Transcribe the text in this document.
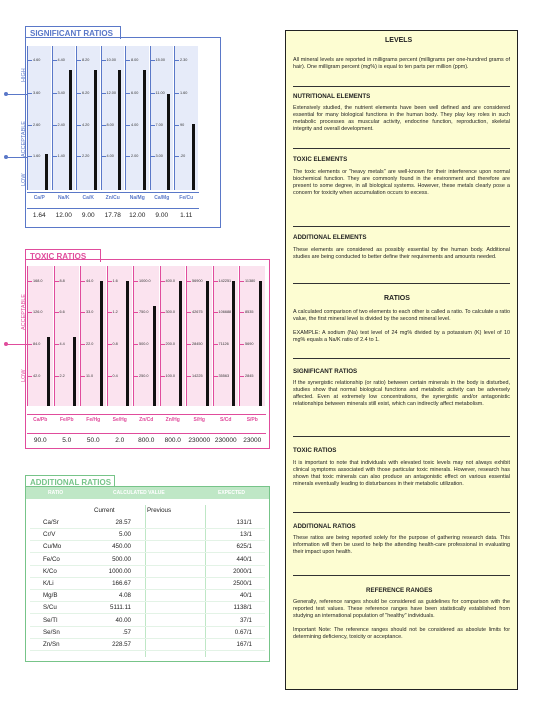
SIGNIFICANT RATIOS
HIGH
ACCEPTABLE
LOW
4.60
3.60
2.60
1.60
Ca/P
1.64
4.40
3.40
2.40
1.40
Na/K
12.00
8.20
6.20
4.20
2.20
Ca/K
9.00
10.00
12.00
8.00
4.00
Zn/Cu
17.78
8.00
6.00
4.00
2.00
Na/Mg
12.00
15.00
11.00
7.00
3.00
Ca/Mg
9.00
2.30
1.60
90
.20
Fe/Cu
1.11
TOXIC RATIOS
ACCEPTABLE
LOW
168.0
126.0
84.0
42.0
Ca/Pb
90.0
8.8
6.6
4.4
2.2
Fe/Pb
5.0
44.0
33.0
22.0
11.0
Fe/Hg
50.0
1.6
1.2
0.8
0.4
Se/Hg
2.0
1000.0
750.0
500.0
250.0
Zn/Cd
800.0
400.0
300.0
200.0
100.0
Zn/Hg
800.0
56900
42675
28450
14225
S/Hg
230000
142251
106688
71126
35563
S/Cd
230000
11380
8535
5690
2845
S/Pb
23000
ADDITIONAL RATIOS
RATIO	CALCULATED VALUE	EXPECTED
Current	Previous
Ca/Sr	28.57	131/1
Cr/V	5.00	13/1
Cu/Mo	450.00	625/1
Fe/Co	500.00	440/1
K/Co	1000.00	2000/1
K/Li	166.67	2500/1
Mg/B	4.08	40/1
S/Cu	5111.11	1138/1
Se/Tl	40.00	37/1
Se/Sn	.57	0.67/1
Zn/Sn	228.57	167/1
LEVELS
All mineral levels are reported in milligrams percent (milligrams per one-hundred grams of hair). One milligram percent (mg%) is equal to ten parts per million (ppm).
NUTRITIONAL ELEMENTS
Extensively studied, the nutrient elements have been well defined and are considered essential for many biological functions in the human body. They play key roles in such metabolic processes as muscular activity, endocrine function, reproduction, skeletal integrity and overall development.
TOXIC ELEMENTS
The toxic elements or "heavy metals" are well-known for their interference upon normal biochemical function. They are commonly found in the environment and therefore are present to some degree, in all biological systems. However, these metals clearly pose a concern for toxicity when accumulation occurs to excess.
ADDITIONAL ELEMENTS
These elements are considered as possibly essential by the human body. Additional studies are being conducted to better define their requirements and amounts needed.
RATIOS
A calculated comparison of two elements to each other is called a ratio. To calculate a ratio value, the first mineral level is divided by the second mineral level.
EXAMPLE: A sodium (Na) test level of 24 mg% divided by a potassium (K) level of 10 mg% equals a Na/K ratio of 2.4 to 1.
SIGNIFICANT RATIOS
If the synergistic relationship (or ratio) between certain minerals in the body is disturbed, studies show that normal biological functions and metabolic activity can be adversely affected. Even at extremely low concentrations, the synergistic and/or antagonistic relationships between minerals still exist, which can indirectly affect metabolism.
TOXIC RATIOS
It is important to note that individuals with elevated toxic levels may not always exhibit clinical symptoms associated with those particular toxic minerals. However, research has shown that toxic minerals can also produce an antagonistic effect on various essential minerals eventually leading to disturbances in their metabolic utilization.
ADDITIONAL RATIOS
These ratios are being reported solely for the purpose of gathering research data. This information will then be used to help the attending health-care professional in evaluating their impact upon health.
REFERENCE RANGES
Generally, reference ranges should be considered as guidelines for comparison with the reported test values. These reference ranges have been statistically established from studying an international population of "healthy" individuals.
Important Note: The reference ranges should not be considered as absolute limits for determining deficiency, toxicity or acceptance.
